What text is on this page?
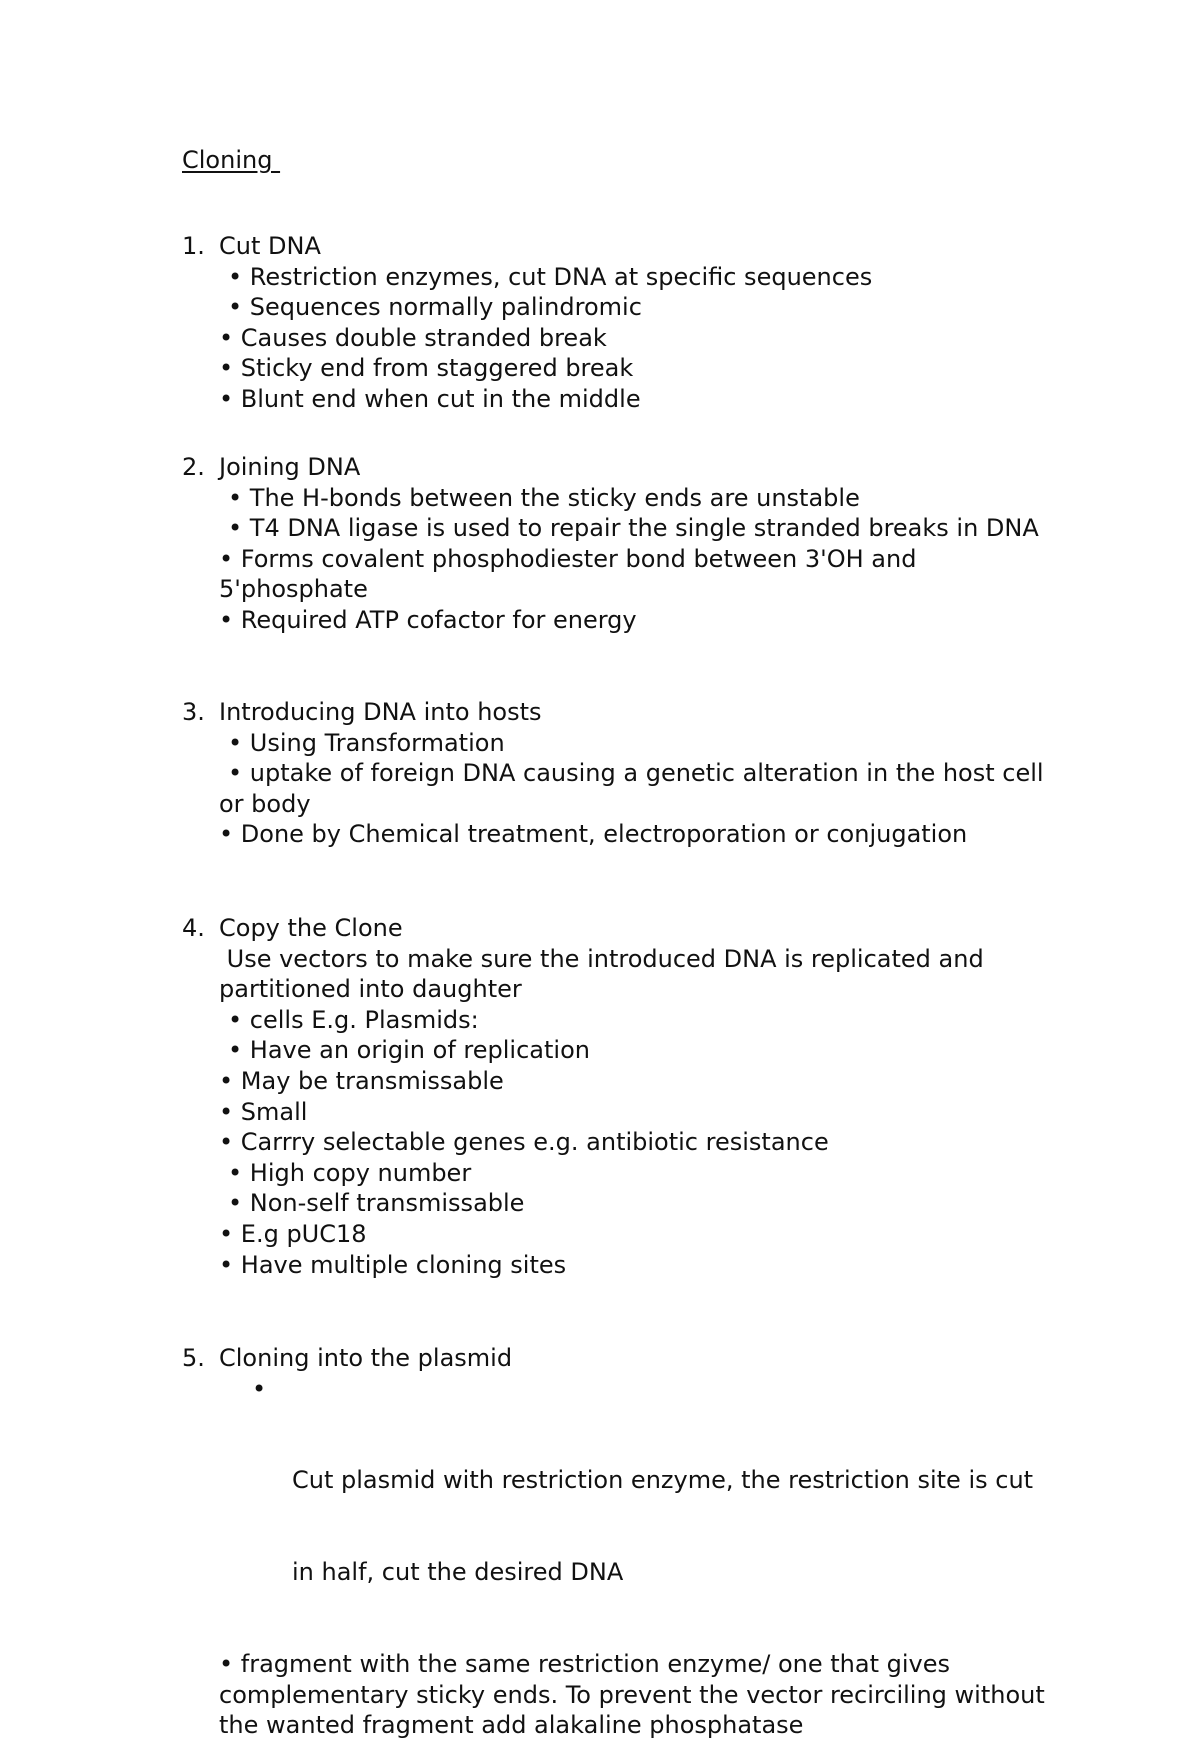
Cloning
1. Cut DNA
• Restriction enzymes, cut DNA at specific sequences
• Sequences normally palindromic
• Causes double stranded break
• Sticky end from staggered break
• Blunt end when cut in the middle
2. Joining DNA
• The H-bonds between the sticky ends are unstable
• T4 DNA ligase is used to repair the single stranded breaks in DNA
• Forms covalent phosphodiester bond between 3'OH and
5'phosphate
• Required ATP cofactor for energy
3. Introducing DNA into hosts
• Using Transformation
• uptake of foreign DNA causing a genetic alteration in the host cell
or body
• Done by Chemical treatment, electroporation or conjugation
4. Copy the Clone
Use vectors to make sure the introduced DNA is replicated and
partitioned into daughter
• cells E.g. Plasmids:
• Have an origin of replication
• May be transmissable
• Small
• Carrry selectable genes e.g. antibiotic resistance
• High copy number
• Non-self transmissable
• E.g pUC18
• Have multiple cloning sites
5. Cloning into the plasmid

•

Cut plasmid with restriction enzyme, the restriction site is cut

in half, cut the desired DNA

• fragment with the same restriction enzyme/ one that gives
complementary sticky ends. To prevent the vector recirciling without
the wanted fragment add alakaline phosphatase
